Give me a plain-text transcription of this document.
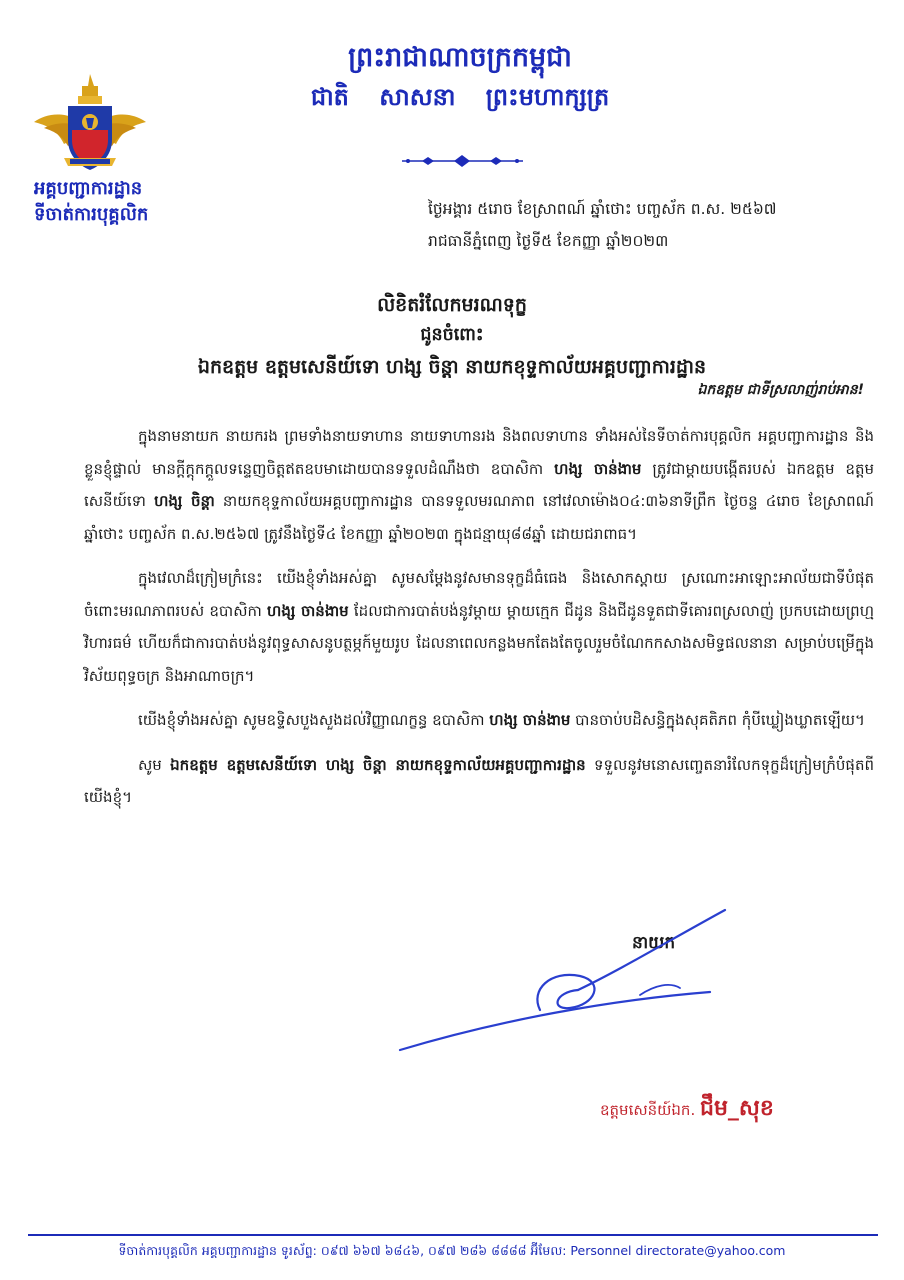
អគ្គបញ្ជាការដ្ឋាន
ទីចាត់ការបុគ្គលិក
ព្រះរាជាណាចក្រកម្ពុជា
ជាតិ សាសនា ព្រះមហាក្សត្រ
ថ្ងៃអង្គារ ៥រោច ខែស្រាពណ៍ ឆ្នាំថោះ បញ្ចស័ក ព.ស. ២៥៦៧
រាជធានីភ្នំពេញ ថ្ងៃទី៥ ខែកញ្ញា ឆ្នាំ២០២៣
លិខិតរំលែកមរណទុក្ខ
ជូនចំពោះ
ឯកឧត្តម ឧត្តមសេនីយ៍ទោ ហង្ស ចិន្តា នាយកខុទ្ទកាល័យអគ្គបញ្ជាការដ្ឋាន
ឯកឧត្តម ជាទីស្រលាញ់រាប់អាន!

ក្នុងនាមនាយក នាយករង ព្រមទាំងនាយទាហាន នាយទាហានរង និងពលទាហាន ទាំងអស់នៃទីចាត់ការបុគ្គលិក អគ្គបញ្ជាការដ្ឋាន និងខ្លួនខ្ញុំផ្ទាល់ មានក្តីក្តុកក្តួលទន្ទេញចិត្តឥតឧបមាដោយបានទទួលដំណឹងថា ឧបាសិកា ហង្ស ចាន់ងាម ត្រូវជាម្តាយបង្កើតរបស់ ឯកឧត្តម ឧត្តមសេនីយ៍ទោ ហង្ស ចិន្តា នាយកខុទ្ទកាល័យអគ្គបញ្ជាការដ្ឋាន បានទទួលមរណភាព នៅវេលាម៉ោង០៤:៣៦នាទីព្រឹក ថ្ងៃចន្ទ ៤រោច ខែស្រាពណ៍ ឆ្នាំថោះ បញ្ចស័ក ព.ស.២៥៦៧ ត្រូវនឹងថ្ងៃទី៤ ខែកញ្ញា ឆ្នាំ២០២៣ ក្នុងជន្មាយុ៨៨ឆ្នាំ ដោយជរាពាធ។

ក្នុងវេលាដ៏ក្រៀមក្រំនេះ យើងខ្ញុំទាំងអស់គ្នា សូមសម្តែងនូវសមានទុក្ខដ៏ធំធេង និងសោកស្តាយ ស្រណោះអាឡោះអាល័យជាទីបំផុត ចំពោះមរណភាពរបស់ ឧបាសិកា ហង្ស ចាន់ងាម ដែលជាការបាត់បង់នូវម្តាយ ម្តាយក្មេក ជីដូន និងជីដូនទួតជាទីគោរពស្រលាញ់ ប្រកបដោយព្រហ្មវិហារធម៌ ហើយក៏ជាការបាត់បង់នូវពុទ្ធសាសនូបត្ថម្ភក៍មួយរូប ដែលនាពេលកន្លងមកតែងតែចូលរួមចំណែកកសាងសមិទ្ធផលនានា សម្រាប់បម្រើក្នុងវិស័យពុទ្ធចក្រ និងអាណាចក្រ។

យើងខ្ញុំទាំងអស់គ្នា សូមឧទ្ទិសបួងសួងដល់វិញ្ញាណក្ខន្ធ ឧបាសិកា ហង្ស ចាន់ងាម បានចាប់បដិសន្ធិក្នុងសុគតិភព កុំបីឃ្លៀងឃ្លាតឡើយ។

សូម ឯកឧត្តម ឧត្តមសេនីយ៍ទោ ហង្ស ចិន្តា នាយកខុទ្ទកាល័យអគ្គបញ្ជាការដ្ឋាន ទទួលនូវមនោសញ្ចេតនារំលែកទុក្ខដ៏ក្រៀមក្រំបំផុតពីយើងខ្ញុំ។

នាយក
ឧត្តមសេនីយ៍ឯក. ជឹម_សុខ
ទីចាត់ការបុគ្គលិក អគ្គបញ្ជាការដ្ឋាន ទូរស័ព្ទ: ០៩៧ ៦៦៧ ៦៨៤៦, ០៩៧ ២៨៦ ៨៨៨៨ អ៊ីមែល: Personnel directorate@yahoo.com
